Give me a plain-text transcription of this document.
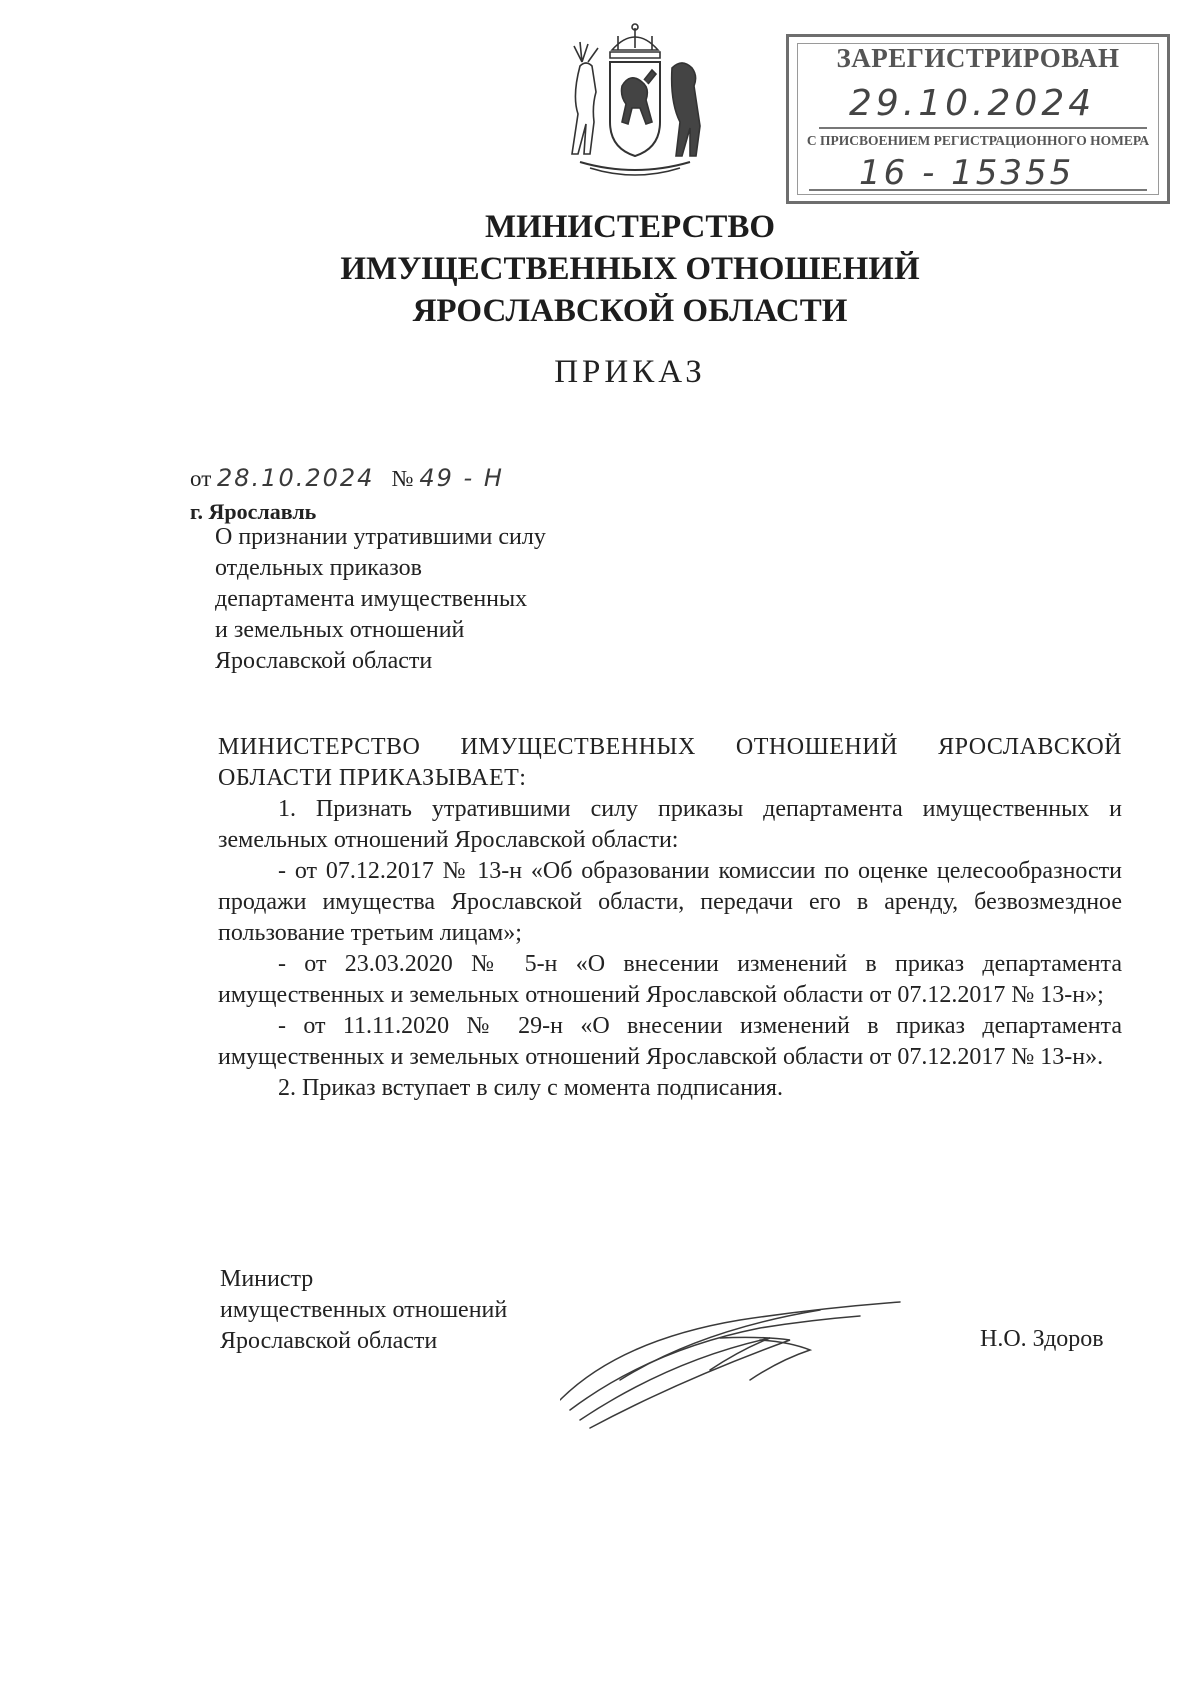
ЗАРЕГИСТРИРОВАН
29.10.2024
С ПРИСВОЕНИЕМ РЕГИСТРАЦИОННОГО НОМЕРА
16 - 15355
МИНИСТЕРСТВО
ИМУЩЕСТВЕННЫХ ОТНОШЕНИЙ
ЯРОСЛАВСКОЙ ОБЛАСТИ
ПРИКАЗ
от 28.10.2024 № 49 - Н
г. Ярославль
О признании утратившими силу
отдельных приказов
департамента имущественных
и земельных отношений
Ярославской области

МИНИСТЕРСТВО ИМУЩЕСТВЕННЫХ ОТНОШЕНИЙ ЯРОСЛАВСКОЙ

ОБЛАСТИ ПРИКАЗЫВАЕТ:

1. Признать утратившими силу приказы департамента имущественных и земельных отношений Ярославской области:

- от 07.12.2017 № 13-н «Об образовании комиссии по оценке целесообразности продажи имущества Ярославской области, передачи его в аренду, безвозмездное пользование третьим лицам»;

- от 23.03.2020 № 5-н «О внесении изменений в приказ департамента имущественных и земельных отношений Ярославской области от 07.12.2017 № 13-н»;

- от 11.11.2020 № 29-н «О внесении изменений в приказ департамента имущественных и земельных отношений Ярославской области от 07.12.2017 № 13-н».

2. Приказ вступает в силу с момента подписания.

Министр
имущественных отношений
Ярославской области	Н.О. Здоров
